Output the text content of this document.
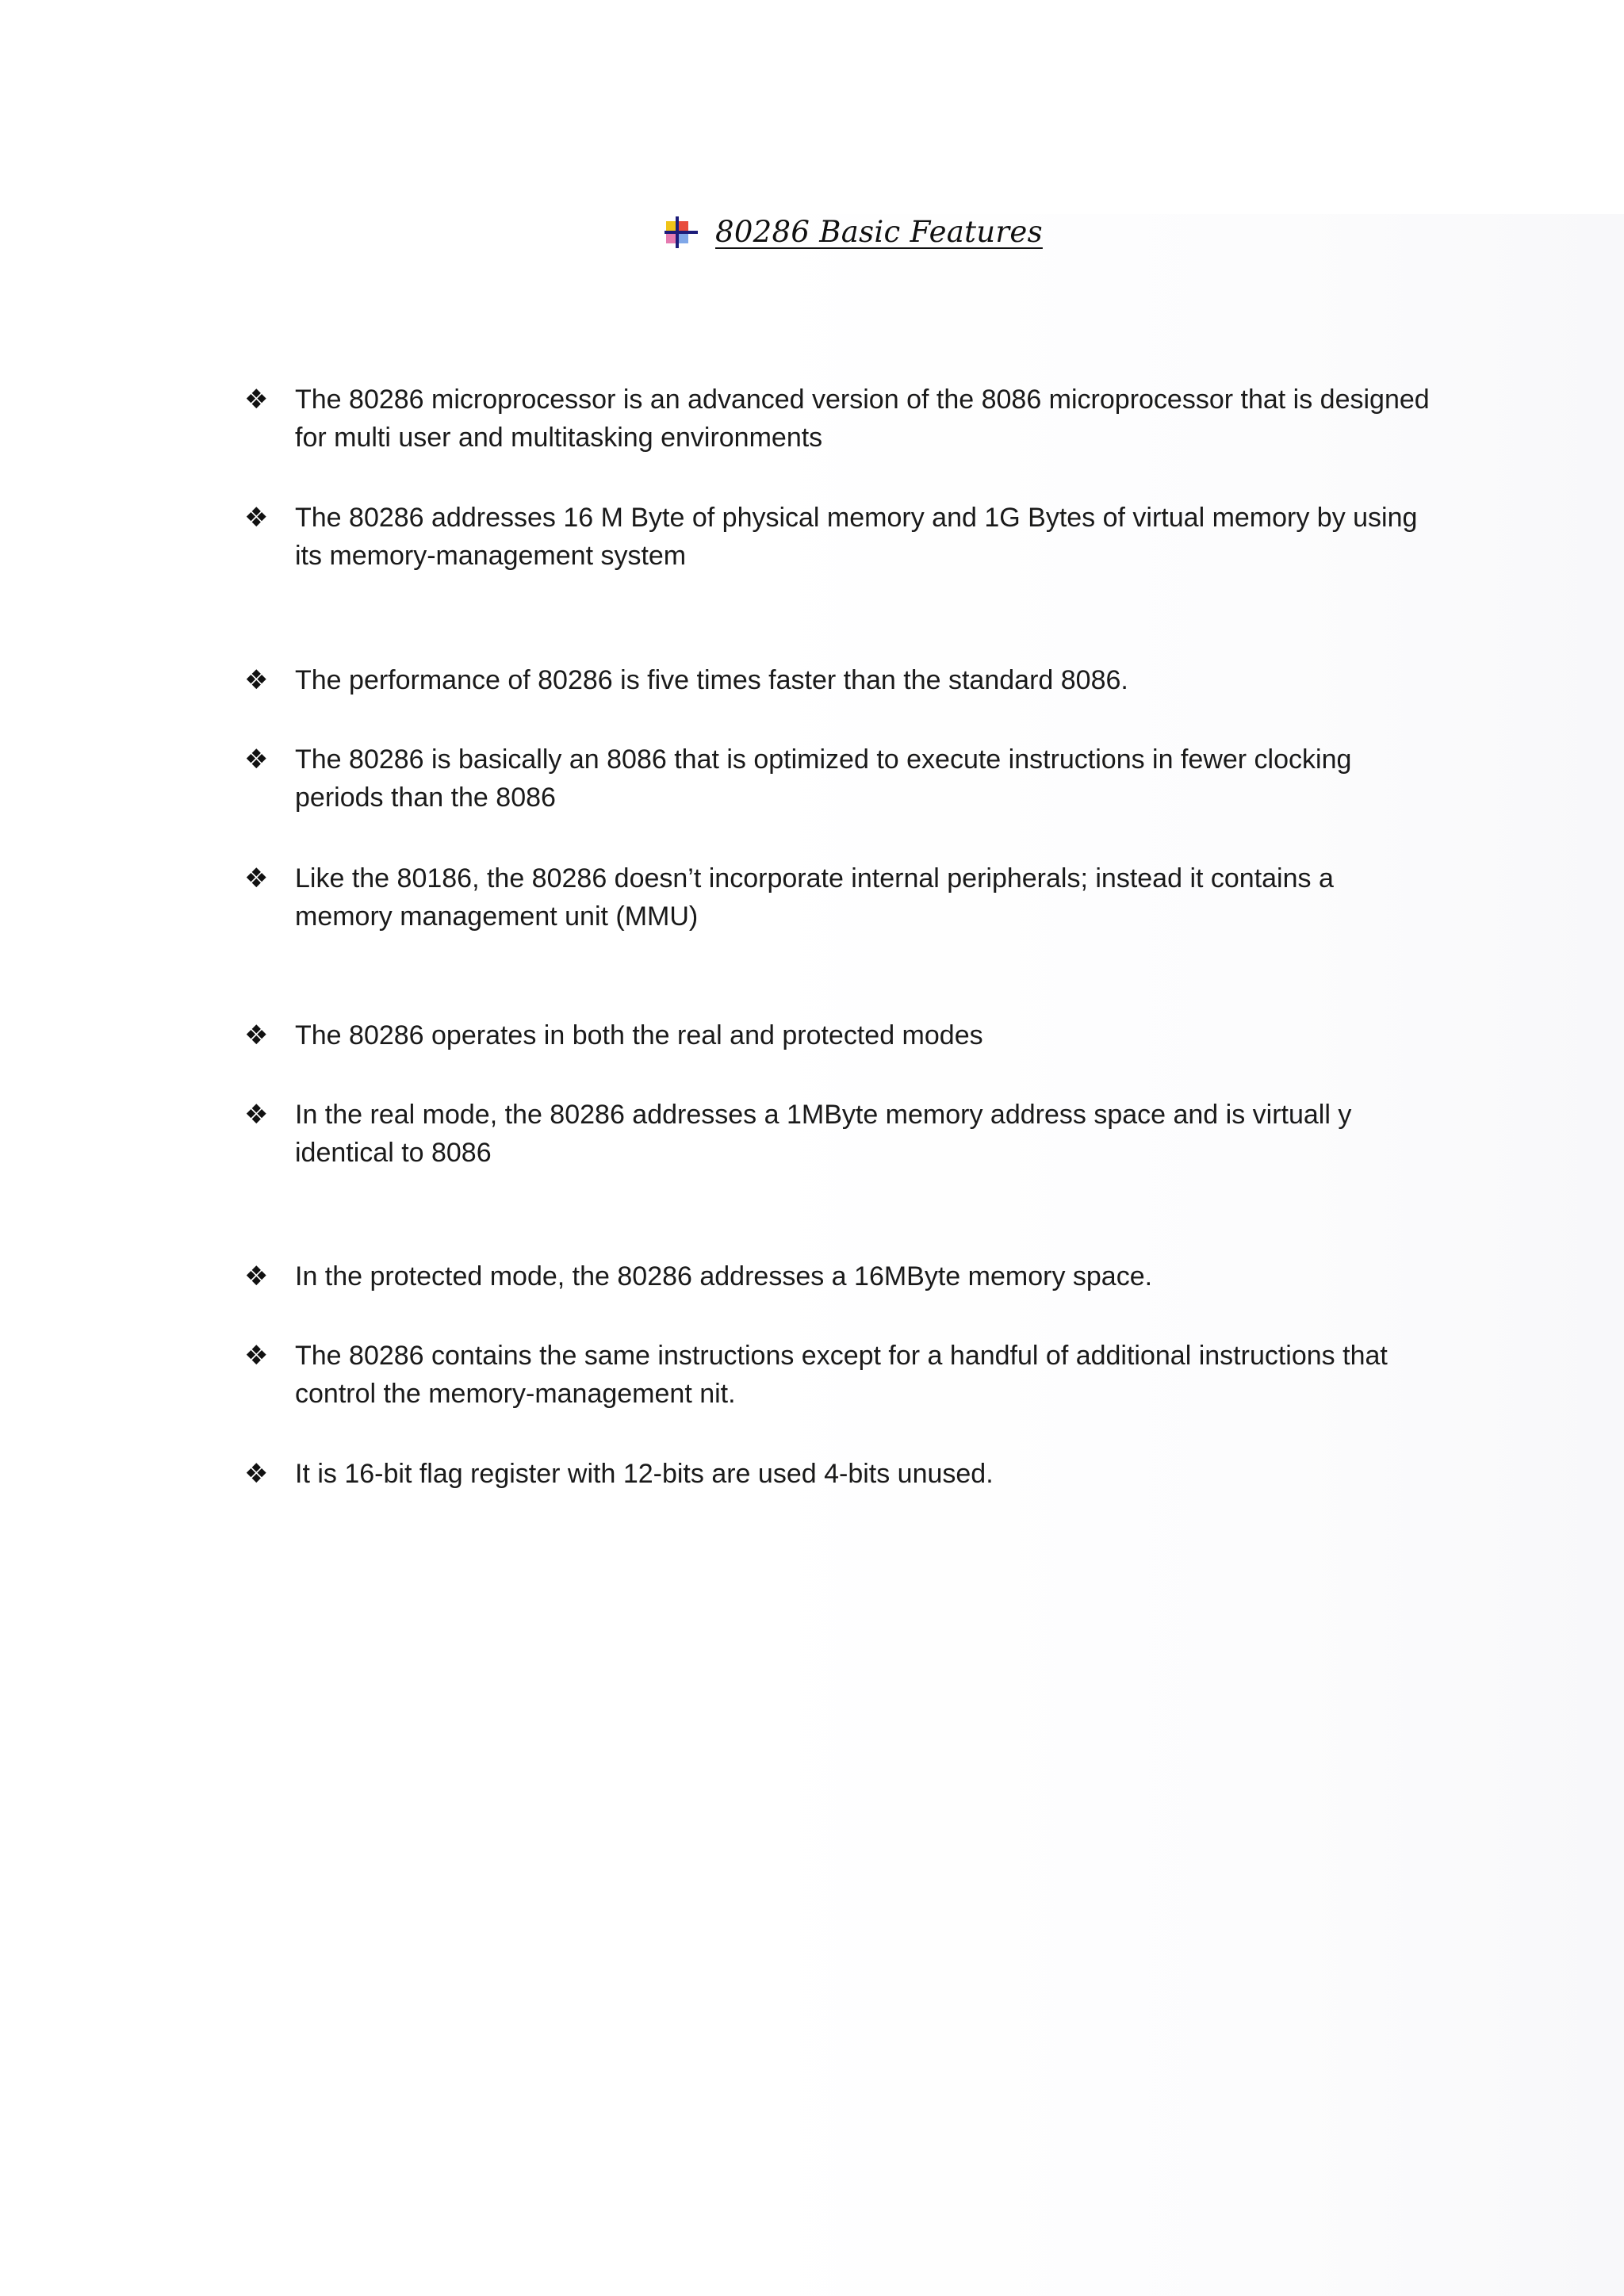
80286 Basic Features
❖ The 80286 microprocessor is an advanced version of the 8086 microprocessor that is designed for multi user and multitasking environments
❖ The 80286 addresses 16 M Byte of physical memory and 1G Bytes of virtual memory by using its memory-management system
❖ The performance of 80286 is five times faster than the standard 8086.
❖ The 80286 is basically an 8086 that is optimized to execute instructions in fewer clocking periods than the 8086
❖ Like the 80186, the 80286 doesn’t incorporate internal peripherals; instead it contains a memory management unit (MMU)
❖ The 80286 operates in both the real and protected modes
❖ In the real mode, the 80286 addresses a 1MByte memory address space and is virtuall y identical to 8086
❖ In the protected mode, the 80286 addresses a 16MByte memory space.
❖ The 80286 contains the same instructions except for a handful of additional instructions that control the memory-management nit.
❖ It is 16-bit flag register with 12-bits are used 4-bits unused.
